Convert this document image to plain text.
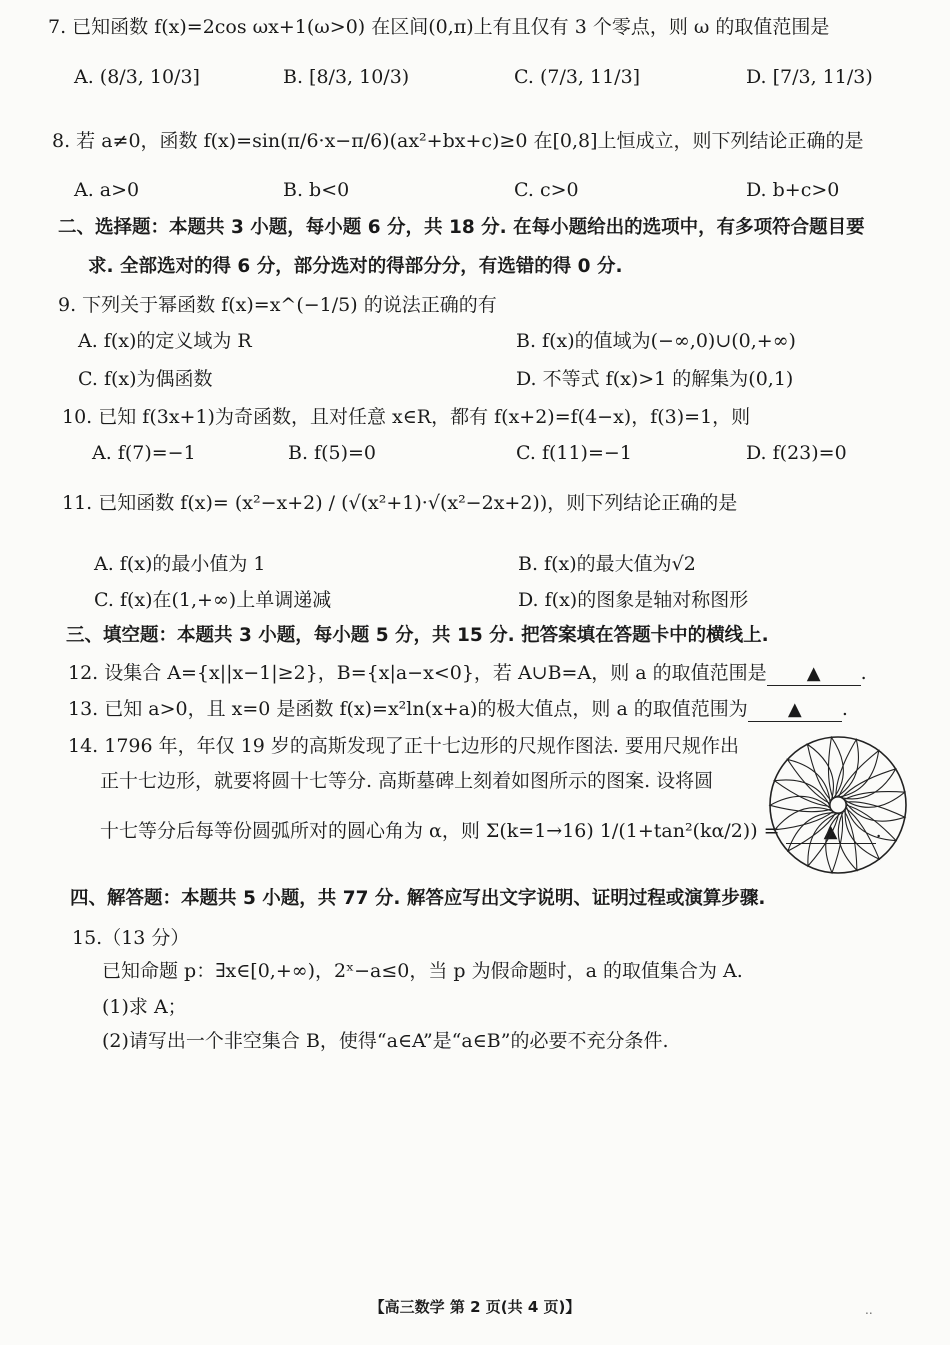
7. 已知函数 f(x)=2cos ωx+1(ω>0) 在区间(0,π)上有且仅有 3 个零点，则 ω 的取值范围是
A. (8/3, 10/3]	B. [8/3, 10/3)	C. (7/3, 11/3]	D. [7/3, 11/3)
8. 若 a≠0，函数 f(x)=sin(π/6·x−π/6)(ax²+bx+c)≥0 在[0,8]上恒成立，则下列结论正确的是
A. a>0	B. b<0	C. c>0	D. b+c>0
二、选择题：本题共 3 小题，每小题 6 分，共 18 分. 在每小题给出的选项中，有多项符合题目要
求. 全部选对的得 6 分，部分选对的得部分分，有选错的得 0 分.
9. 下列关于幂函数 f(x)=x^(−1/5) 的说法正确的有
A. f(x)的定义域为 R	B. f(x)的值域为(−∞,0)∪(0,+∞)
C. f(x)为偶函数	D. 不等式 f(x)>1 的解集为(0,1)
10. 已知 f(3x+1)为奇函数，且对任意 x∈R，都有 f(x+2)=f(4−x)，f(3)=1，则
A. f(7)=−1	B. f(5)=0	C. f(11)=−1	D. f(23)=0
11. 已知函数 f(x)= (x²−x+2) / (√(x²+1)·√(x²−2x+2))，则下列结论正确的是
A. f(x)的最小值为 1	B. f(x)的最大值为√2
C. f(x)在(1,+∞)上单调递减	D. f(x)的图象是轴对称图形
三、填空题：本题共 3 小题，每小题 5 分，共 15 分. 把答案填在答题卡中的横线上.
12. 设集合 A={x||x−1|≥2}，B={x|a−x<0}，若 A∪B=A，则 a 的取值范围是 ▲ .
13. 已知 a>0，且 x=0 是函数 f(x)=x²ln(x+a)的极大值点，则 a 的取值范围为 ▲ .
14. 1796 年，年仅 19 岁的高斯发现了正十七边形的尺规作图法. 要用尺规作出
正十七边形，就要将圆十七等分. 高斯墓碑上刻着如图所示的图案. 设将圆
十七等分后每等份圆弧所对的圆心角为 α，则 Σ(k=1→16) 1/(1+tan²(kα/2)) = ▲ .
四、解答题：本题共 5 小题，共 77 分. 解答应写出文字说明、证明过程或演算步骤.
15.（13 分）
已知命题 p：∃x∈[0,+∞)，2ˣ−a≤0，当 p 为假命题时，a 的取值集合为 A.
(1)求 A；
(2)请写出一个非空集合 B，使得“a∈A”是“a∈B”的必要不充分条件.
【高三数学 第 2 页(共 4 页)】	..
